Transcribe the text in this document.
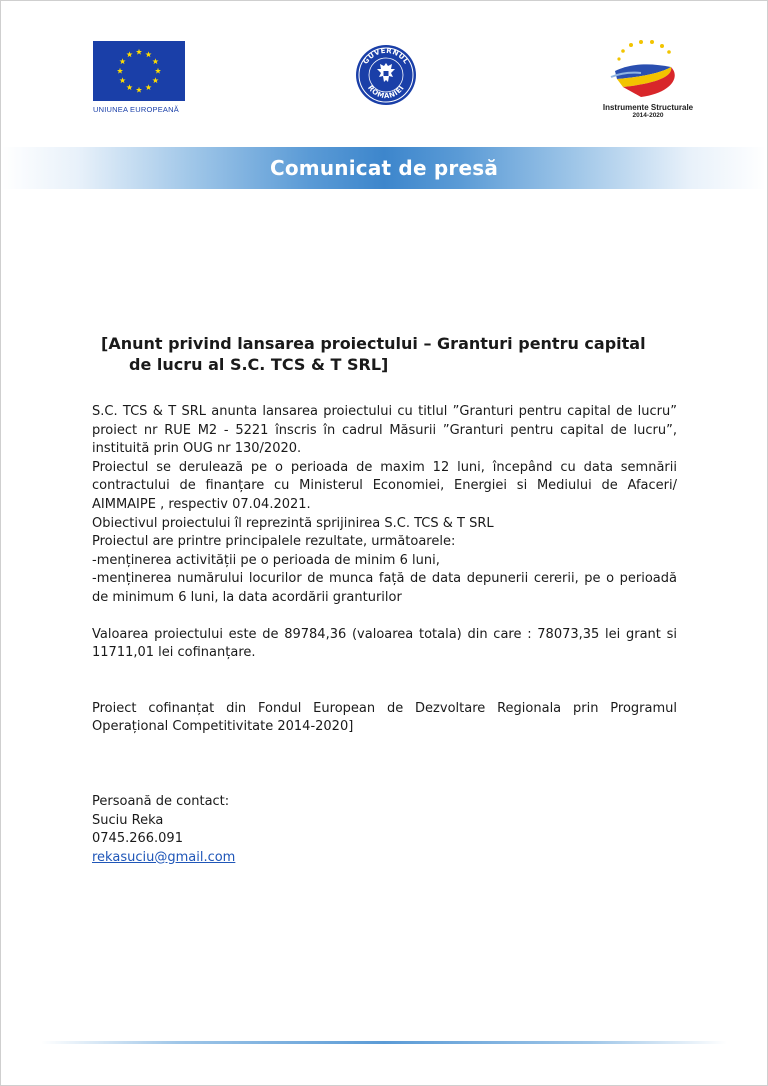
UNIUNEA EUROPEANĂ
GUVERNUL
ROMÂNIEI
Instrumente Structurale
2014-2020
Comunicat de presă
[Anunt privind lansarea proiectului – Granturi pentru capital
de lucru al S.C. TCS & T SRL]

S.C. TCS & T SRL anunta lansarea proiectului cu titlul ”Granturi pentru capital de lucru” proiect nr RUE M2 - 5221 înscris în cadrul Măsurii ”Granturi pentru capital de lucru”, instituită prin OUG nr 130/2020.

Proiectul se derulează pe o perioada de maxim 12 luni, începând cu data semnării contractului de finanțare cu Ministerul Economiei, Energiei si Mediului de Afaceri/ AIMMAIPE , respectiv 07.04.2021.

Obiectivul proiectului îl reprezintă sprijinirea S.C. TCS & T SRL

Proiectul are printre principalele rezultate, următoarele:

-menținerea activității pe o perioada de minim 6 luni,

-menținerea numărului locurilor de munca față de data depunerii cererii, pe o perioadă de minimum 6 luni, la data acordării granturilor

Valoarea proiectului este de 89784,36 (valoarea totala) din care : 78073,35 lei grant si 11711,01 lei cofinanțare.

Proiect cofinanțat din Fondul European de Dezvoltare Regionala prin Programul Operațional Competitivitate 2014-2020]

Persoană de contact:

Suciu Reka

0745.266.091

rekasuciu@gmail.com
